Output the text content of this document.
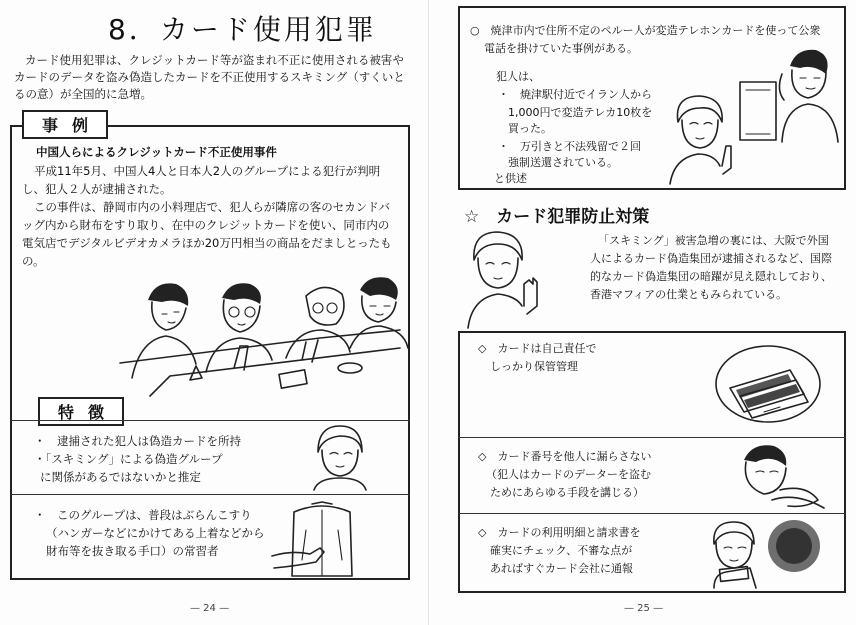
8．カード使用犯罪
カード使用犯罪は、クレジットカード等が盗まれ不正に使用される被害やカードのデータを盗み偽造したカードを不正使用するスキミング（すくいとるの意）が全国的に急増。
事例
中国人らによるクレジットカード不正使用事件
平成11年5月、中国人4人と日本人2人のグループによる犯行が判明し、犯人２人が逮捕された。
この事件は、静岡市内の小料理店で、犯人らが隣席の客のセカンドバッグ内から財布をすり取り、在中のクレジットカードを使い、同市内の電気店でデジタルビデオカメラほか20万円相当の商品をだましとったもの。
特徴
・　逮捕された犯人は偽造カードを所持
・「スキミング」による偽造グループ
に関係があるではないかと推定
・　このグループは、普段はぶらんこすり
（ハンガーなどにかけてある上着などから
財布等を抜き取る手口）の常習者
— 24 —
○　焼津市内で住所不定のペルー人が変造テレホンカードを使って公衆
電話を掛けていた事例がある。
犯人は、
・　焼津駅付近でイラン人から
1,000円で変造テレカ10枚を
買った。
・　万引きと不法残留で２回
強制送還されている。
と供述
☆　カード犯罪防止対策
「スキミング」被害急増の裏には、大阪で外国人によるカード偽造集団が逮捕されるなど、国際的なカード偽造集団の暗躍が見え隠れしており、香港マフィアの仕業ともみられている。
◇　カードは自己責任で
しっかり保管管理
◇　カード番号を他人に漏らさない
（犯人はカードのデーターを盗む
ためにあらゆる手段を講じる）
◇　カードの利用明細と請求書を
確実にチェック、不審な点が
あればすぐカード会社に通報
— 25 —
